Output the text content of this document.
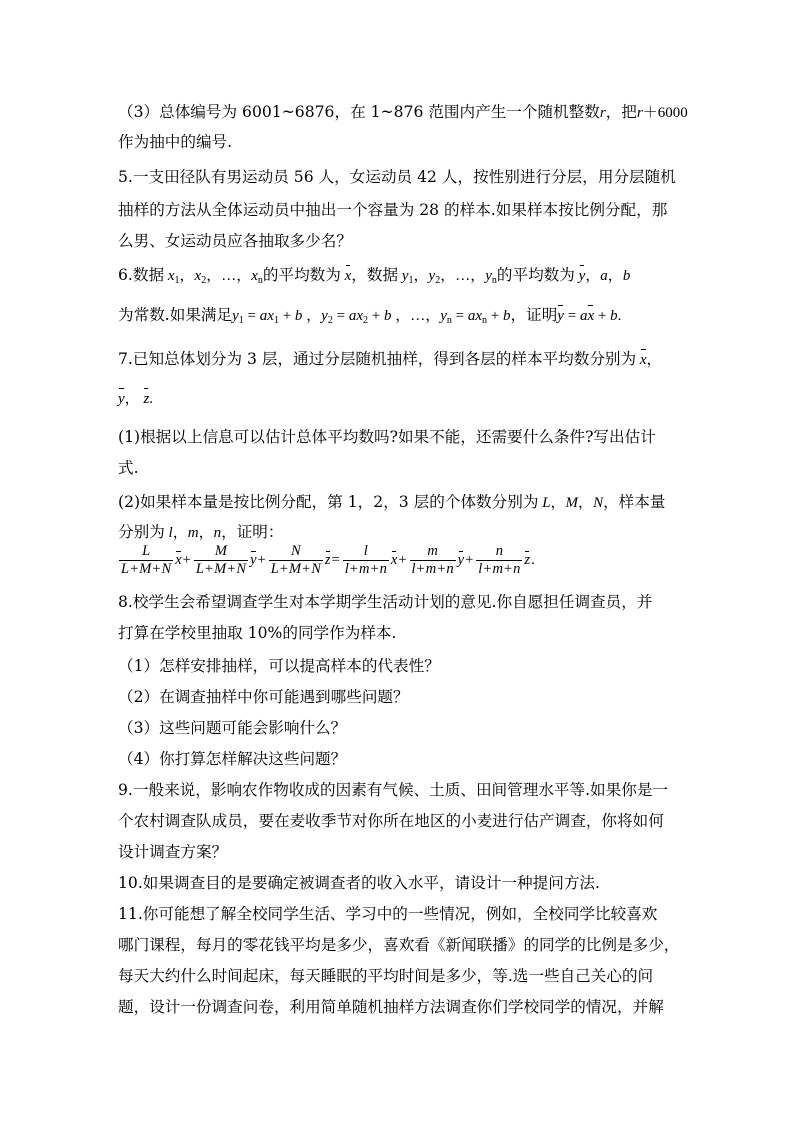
（3）总体编号为 6001~6876，在 1~876 范围内产生一个随机整数r，把r＋6000
作为抽中的编号.
5.一支田径队有男运动员 56 人，女运动员 42 人，按性别进行分层，用分层随机
抽样的方法从全体运动员中抽出一个容量为 28 的样本.如果样本按比例分配，那
么男、女运动员应各抽取多少名？
6.数据 $x_1$，$x_2$，…，$x_n$的平均数为 x，数据 $y_1$，$y_2$，…，$y_n$的平均数为 y，a，b
为常数.如果满足$y_1 = ax_1 + b$ ，$y_2 = ax_2 + b$ ，…，$y_n = ax_n + b$，证明y = ax + b.
7.已知总体划分为 3 层，通过分层随机抽样，得到各层的样本平均数分别为 x，
y， z.
(1)根据以上信息可以估计总体平均数吗?如果不能，还需要什么条件?写出估计
式.
(2)如果样本量是按比例分配，第 1，2，3 层的个体数分别为 L，M，N，样本量
分别为 l，m，n，证明：
$\frac{L}{L+M+N} x+ \frac{M}{L+M+N} y+ \frac{N}{L+M+N} z= \frac{l}{l+m+n} x+ \frac{m}{l+m+n} y+ \frac{n}{l+m+n} z$.
8.校学生会希望调查学生对本学期学生活动计划的意见.你自愿担任调查员，并
打算在学校里抽取 10%的同学作为样本.
（1）怎样安排抽样，可以提高样本的代表性？
（2）在调查抽样中你可能遇到哪些问题？
（3）这些问题可能会影响什么？
（4）你打算怎样解决这些问题？
9.一般来说，影响农作物收成的因素有气候、土质、田间管理水平等.如果你是一
个农村调查队成员，要在麦收季节对你所在地区的小麦进行估产调查，你将如何
设计调查方案？
10.如果调查目的是要确定被调查者的收入水平，请设计一种提问方法.
11.你可能想了解全校同学生活、学习中的一些情况，例如，全校同学比较喜欢
哪门课程，每月的零花钱平均是多少，喜欢看《新闻联播》的同学的比例是多少，
每天大约什么时间起床，每天睡眠的平均时间是多少，等.选一些自己关心的问
题，设计一份调查问卷，利用简单随机抽样方法调查你们学校同学的情况，并解
